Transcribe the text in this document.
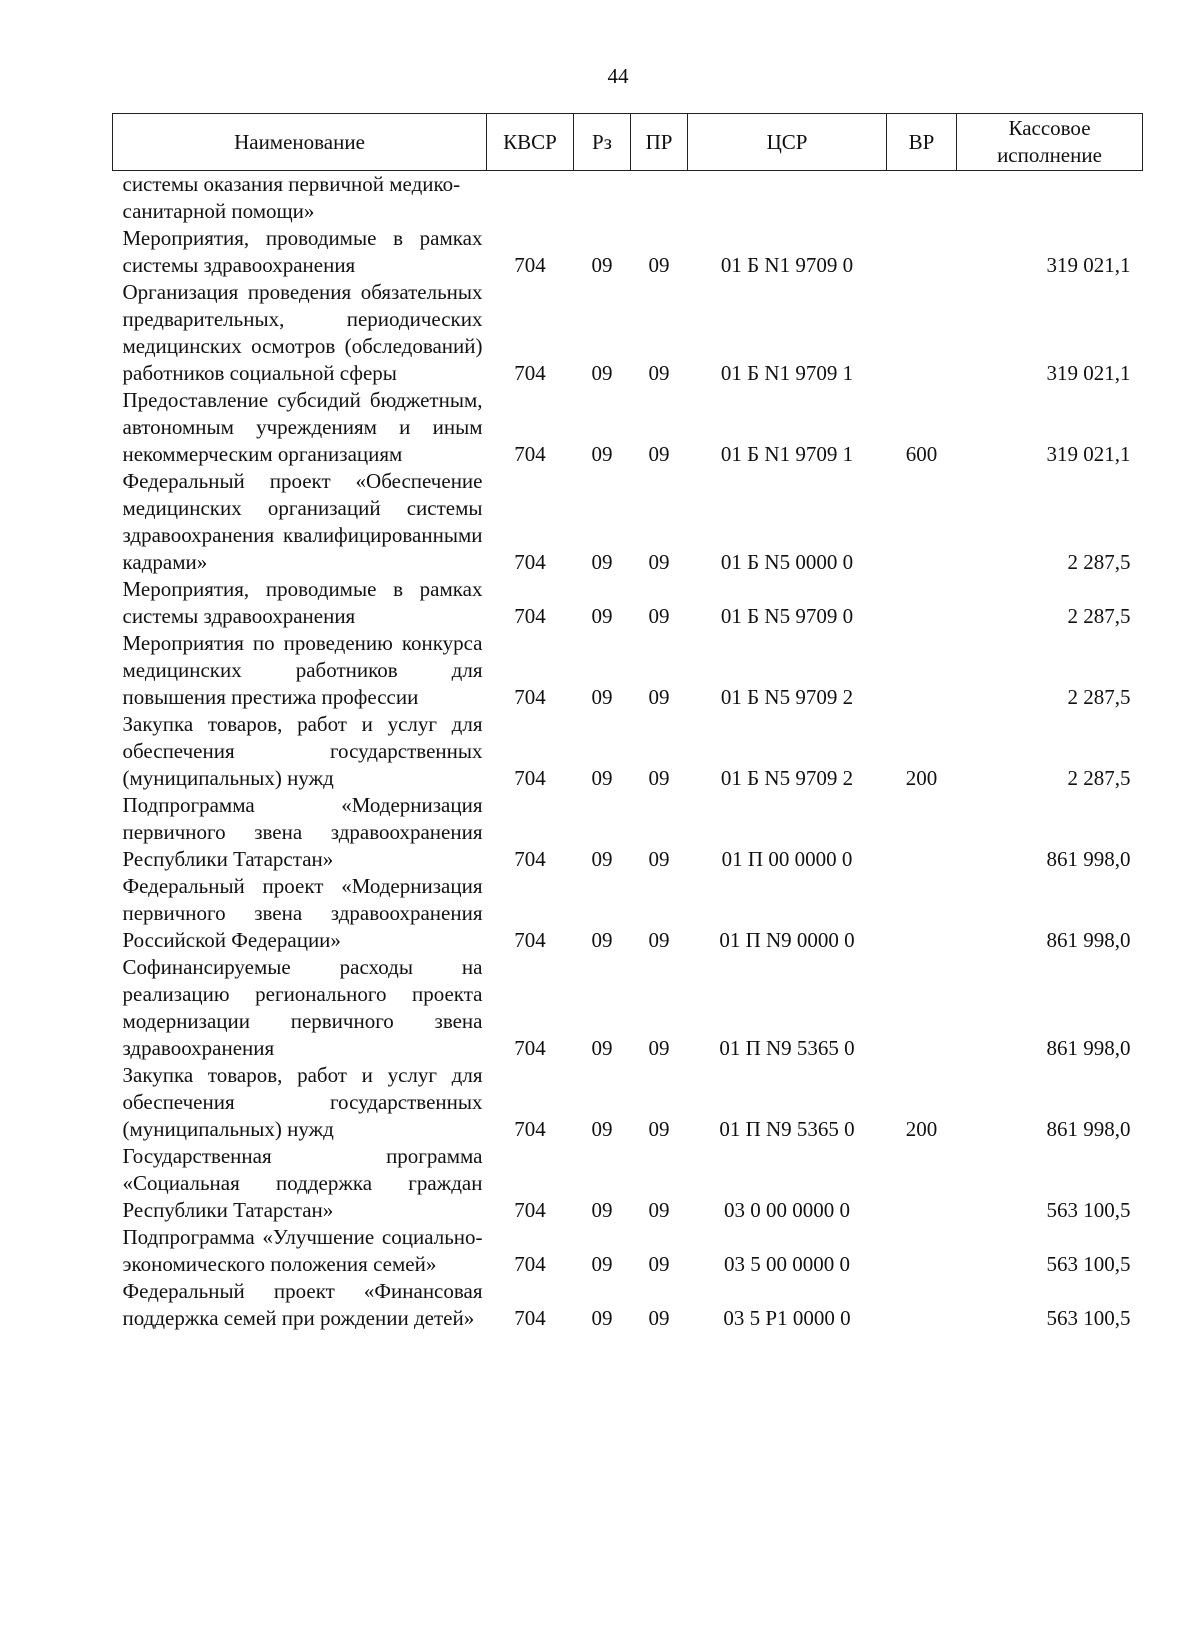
44
Наименование	КВСР	Рз	ПР	ЦСР	ВР	Кассовое исполнение
системы оказания первичной медико-санитарной помощи»						
Мероприятия, проводимые в рамках системы здравоохранения	704	09	09	01 Б N1 9709 0		319 021,1
Организация проведения обязательных предварительных, периодических медицинских осмотров (обследований) работников социальной сферы	704	09	09	01 Б N1 9709 1		319 021,1
Предоставление субсидий бюджетным, автономным учреждениям и иным некоммерческим организациям	704	09	09	01 Б N1 9709 1	600	319 021,1
Федеральный проект «Обеспечение медицинских организаций системы здравоохранения квалифицированными кадрами»	704	09	09	01 Б N5 0000 0		2 287,5
Мероприятия, проводимые в рамках системы здравоохранения	704	09	09	01 Б N5 9709 0		2 287,5
Мероприятия по проведению конкурса медицинских работников для повышения престижа профессии	704	09	09	01 Б N5 9709 2		2 287,5
Закупка товаров, работ и услуг для обеспечения государственных (муниципальных) нужд	704	09	09	01 Б N5 9709 2	200	2 287,5
Подпрограмма «Модернизация первичного звена здравоохранения Республики Татарстан»	704	09	09	01 П 00 0000 0		861 998,0
Федеральный проект «Модернизация первичного звена здравоохранения Российской Федерации»	704	09	09	01 П N9 0000 0		861 998,0
Софинансируемые расходы на реализацию регионального проекта модернизации первичного звена здравоохранения	704	09	09	01 П N9 5365 0		861 998,0
Закупка товаров, работ и услуг для обеспечения государственных (муниципальных) нужд	704	09	09	01 П N9 5365 0	200	861 998,0
Государственная программа «Социальная поддержка граждан Республики Татарстан»	704	09	09	03 0 00 0000 0		563 100,5
Подпрограмма «Улучшение социально-экономического положения семей»	704	09	09	03 5 00 0000 0		563 100,5
Федеральный проект «Финансовая поддержка семей при рождении детей»	704	09	09	03 5 P1 0000 0		563 100,5
